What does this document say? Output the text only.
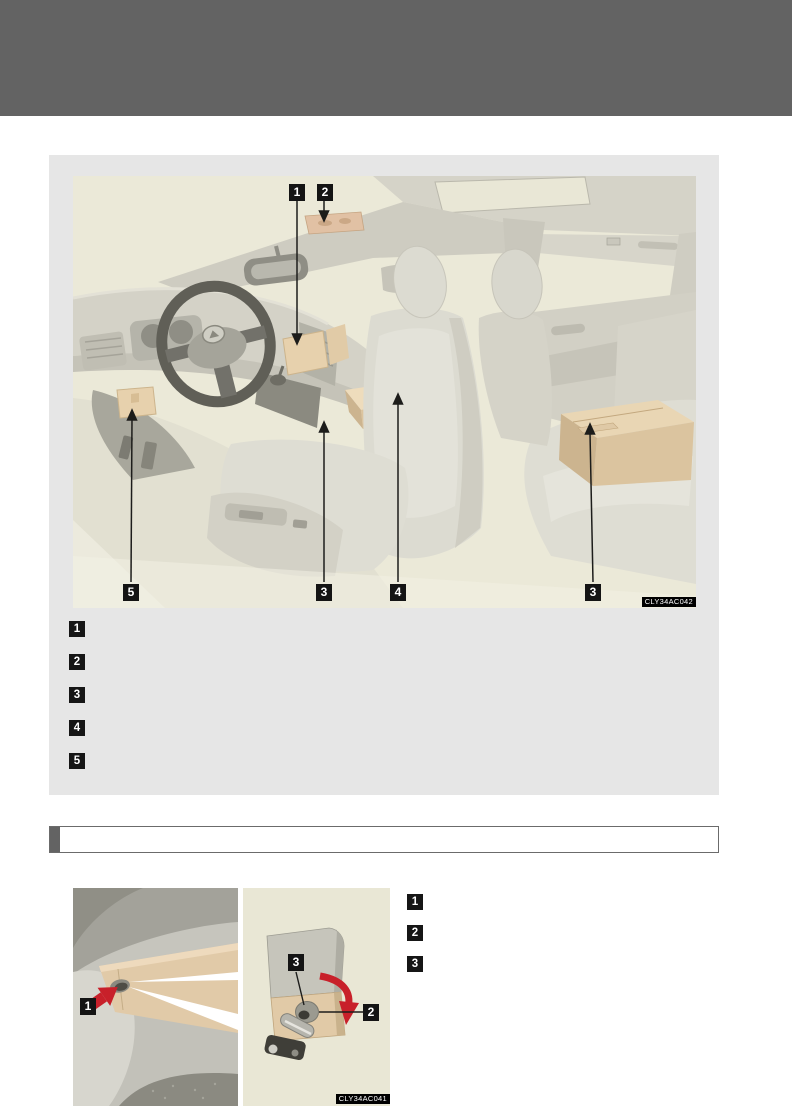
1	2
5	3	4	3
CLY34AC042
1
2
3
4
5
1
3
2
CLY34AC041
1
2
3
